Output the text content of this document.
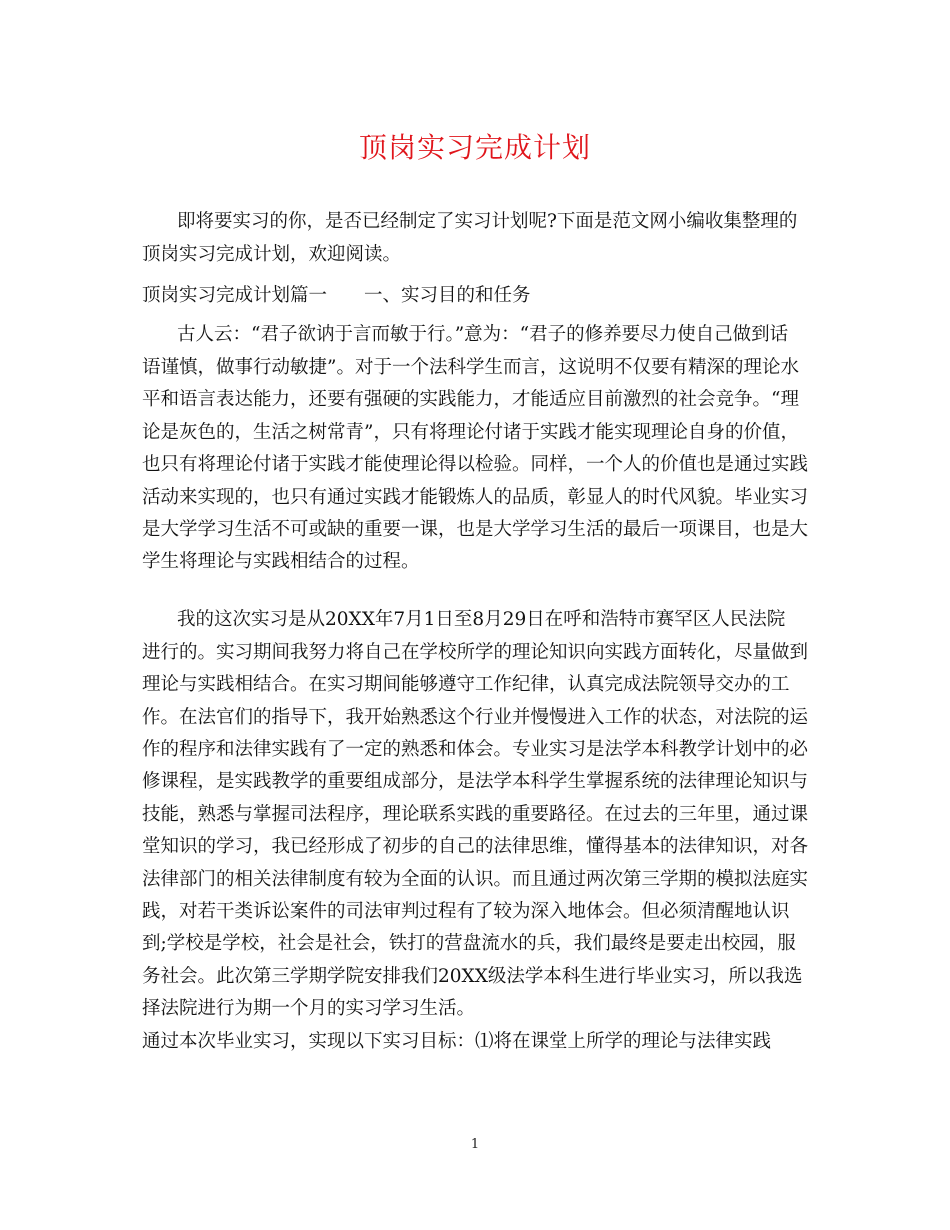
顶岗实习完成计划
即将要实习的你，是否已经制定了实习计划呢?下面是范文网小编收集整理的
顶岗实习完成计划，欢迎阅读。
顶岗实习完成计划篇一　　一、实习目的和任务
古人云：“君子欲讷于言而敏于行。”意为：“君子的修养要尽力使自己做到话
语谨慎，做事行动敏捷”。对于一个法科学生而言，这说明不仅要有精深的理论水
平和语言表达能力，还要有强硬的实践能力，才能适应目前激烈的社会竞争。“理
论是灰色的，生活之树常青”，只有将理论付诸于实践才能实现理论自身的价值，
也只有将理论付诸于实践才能使理论得以检验。同样，一个人的价值也是通过实践
活动来实现的，也只有通过实践才能锻炼人的品质，彰显人的时代风貌。毕业实习
是大学学习生活不可或缺的重要一课，也是大学学习生活的最后一项课目，也是大
学生将理论与实践相结合的过程。
我的这次实习是从20XX年7月1日至8月29日在呼和浩特市赛罕区人民法院
进行的。实习期间我努力将自己在学校所学的理论知识向实践方面转化，尽量做到
理论与实践相结合。在实习期间能够遵守工作纪律，认真完成法院领导交办的工
作。在法官们的指导下，我开始熟悉这个行业并慢慢进入工作的状态，对法院的运
作的程序和法律实践有了一定的熟悉和体会。专业实习是法学本科教学计划中的必
修课程，是实践教学的重要组成部分，是法学本科学生掌握系统的法律理论知识与
技能，熟悉与掌握司法程序，理论联系实践的重要路径。在过去的三年里，通过课
堂知识的学习，我已经形成了初步的自己的法律思维，懂得基本的法律知识，对各
法律部门的相关法律制度有较为全面的认识。而且通过两次第三学期的模拟法庭实
践，对若干类诉讼案件的司法审判过程有了较为深入地体会。但必须清醒地认识
到;学校是学校，社会是社会，铁打的营盘流水的兵，我们最终是要走出校园，服
务社会。此次第三学期学院安排我们20XX级法学本科生进行毕业实习，所以我选
择法院进行为期一个月的实习学习生活。
通过本次毕业实习，实现以下实习目标：⑴将在课堂上所学的理论与法律实践
1
